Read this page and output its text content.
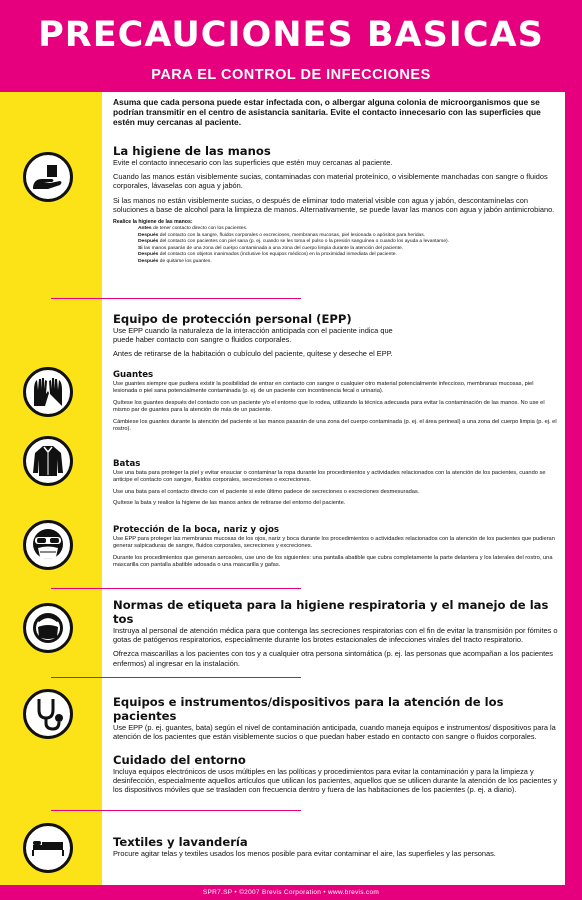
PRECAUCIONES BASICAS
PARA EL CONTROL DE INFECCIONES
Asuma que cada persona puede estar infectada con, o albergar alguna colonia de microorganismos que se podrían transmitir en el centro de asistancia sanitaria. Evite el contacto innecesario con las superficies que estén muy cercanas al paciente.
La higiene de las manos

Evite el contacto innecesario con las superficies que estén muy cercanas al paciente.

Cuando las manos están visiblemente sucias, contaminadas con material proteínico, o visiblemente manchadas con sangre o fluidos corporales, lávaselas con agua y jabón.

Si las manos no están visiblemente sucias, o después de eliminar todo material visible con agua y jabón, descontamínelas con soluciones a base de alcohol para la limpieza de manos. Alternativamente, se puede lavar las manos con agua y jabón antimicrobiano.

Realice la higiene de las manos:
Antes de tener contacto directo con los pacientes.
Después del contacto con la sangre, fluidos corporales o excreciones, membranas mucosas, piel lesionada o apósitos para heridas.
Después del contacto con pacientes con piel sana (p. ej. cuando se les toma el pulso o la presión sanguínea o cuando los ayuda a levantarse).
Si las manos pasarán de una zona del cuerpo contaminada a una zona del cuerpo limpia durante la atención del paciente.
Después del contacto con objetos inanimados (inclusive los equipos médicos) en la proximidad inmediata del paciente.
Después de quitarse los guantes.
Equipo de protección personal (EPP)

Use EPP cuando la naturaleza de la interacción anticipada con el paciente indica que puede haber contacto con sangre o fluidos corporales.

Antes de retirarse de la habitación o cubículo del paciente, quítese y deseche el EPP.

Guantes

Use guantes siempre que pudiera existir la posibilidad de entrar en contacto con sangre o cualquier otro material potencialmente infeccioso, membranas mucosas, piel lesionada o piel sana potencialmente contaminada (p. ej. de un paciente con incontinencia fecal o urinaria).

Quítese los guantes después del contacto con un paciente y/o el entorno que lo rodea, utilizando la técnica adecuada para evitar la contaminación de las manos. No use el mismo par de guantes para la atención de más de un paciente.

Cámbiese los guantes durante la atención del paciente si las manos pasarán de una zona del cuerpo contaminada (p. ej. el área perineal) a una zona del cuerpo limpia (p. ej. el rostro).

Batas

Use una bata para proteger la piel y evitar ensuciar o contaminar la ropa durante los procedimientos y actividades relacionados con la atención de los pacientes, cuando se anticipe el contacto con sangre, fluidos corporales, secreciones o excreciones.

Use una bata para el contacto directo con el paciente si este último padece de secreciones o excreciones desmesuradas.

Quítese la bata y realice la higiene de las manos antes de retirarse del entorno del paciente.

Protección de la boca, nariz y ojos

Use EPP para proteger las membranas mucosas de los ojos, nariz y boca durante los procedimientos o actividades relacionados con la atención de los pacientes que pudieran generar salpicaduras de sangre, fluidos corporales, secreciones y excreciones.

Durante los procedimientos que generan aerosoles, use uno de los siguientes: una pantalla abatible que cubra completamente la parte delantera y los laterales del rostro, una mascarilla con pantalla abatible adosada o una mascarilla y gafas.

Normas de etiqueta para la higiene respiratoria y el manejo de las tos

Instruya al personal de atención médica para que contenga las secreciones respiratorias con el fin de evitar la transmisión por fómites o gotas de patógenos respiratorios, especialmente durante los brotes estacionales de infecciones virales del tracto respiratorio.

Ofrezca mascarillas a los pacientes con tos y a cualquier otra persona sintomática (p. ej. las personas que acompañan a los pacientes enfermos) al ingresar en la instalación.

Equipos e instrumentos/dispositivos para la atención de los pacientes

Use EPP (p. ej. guantes, bata) según el nivel de contaminación anticipada, cuando maneja equipos e instrumentos/ dispositivos para la atención de los pacientes que están visiblemente sucios o que puedan haber estado en contacto con sangre o fluidos corporales.

Cuidado del entorno

Incluya equipos electrónicos de usos múltiples en las políticas y procedimientos para evitar la contaminación y para la limpieza y desinfección, especialmente aquellos artículos que utilican los pacientes, aquellos que se utilicen durante la atención de los pacientes y los dispositivos móviles que se trasladen con frecuencia dentro y fuera de las habitaciones de los pacientes (p. ej. a diario).

Textiles y lavandería

Procure agitar telas y textiles usados los menos posible para evitar contaminar el aire, las superfieles y las personas.

SPR7.SP • ©2007 Brevis Corporation • www.brevis.com
